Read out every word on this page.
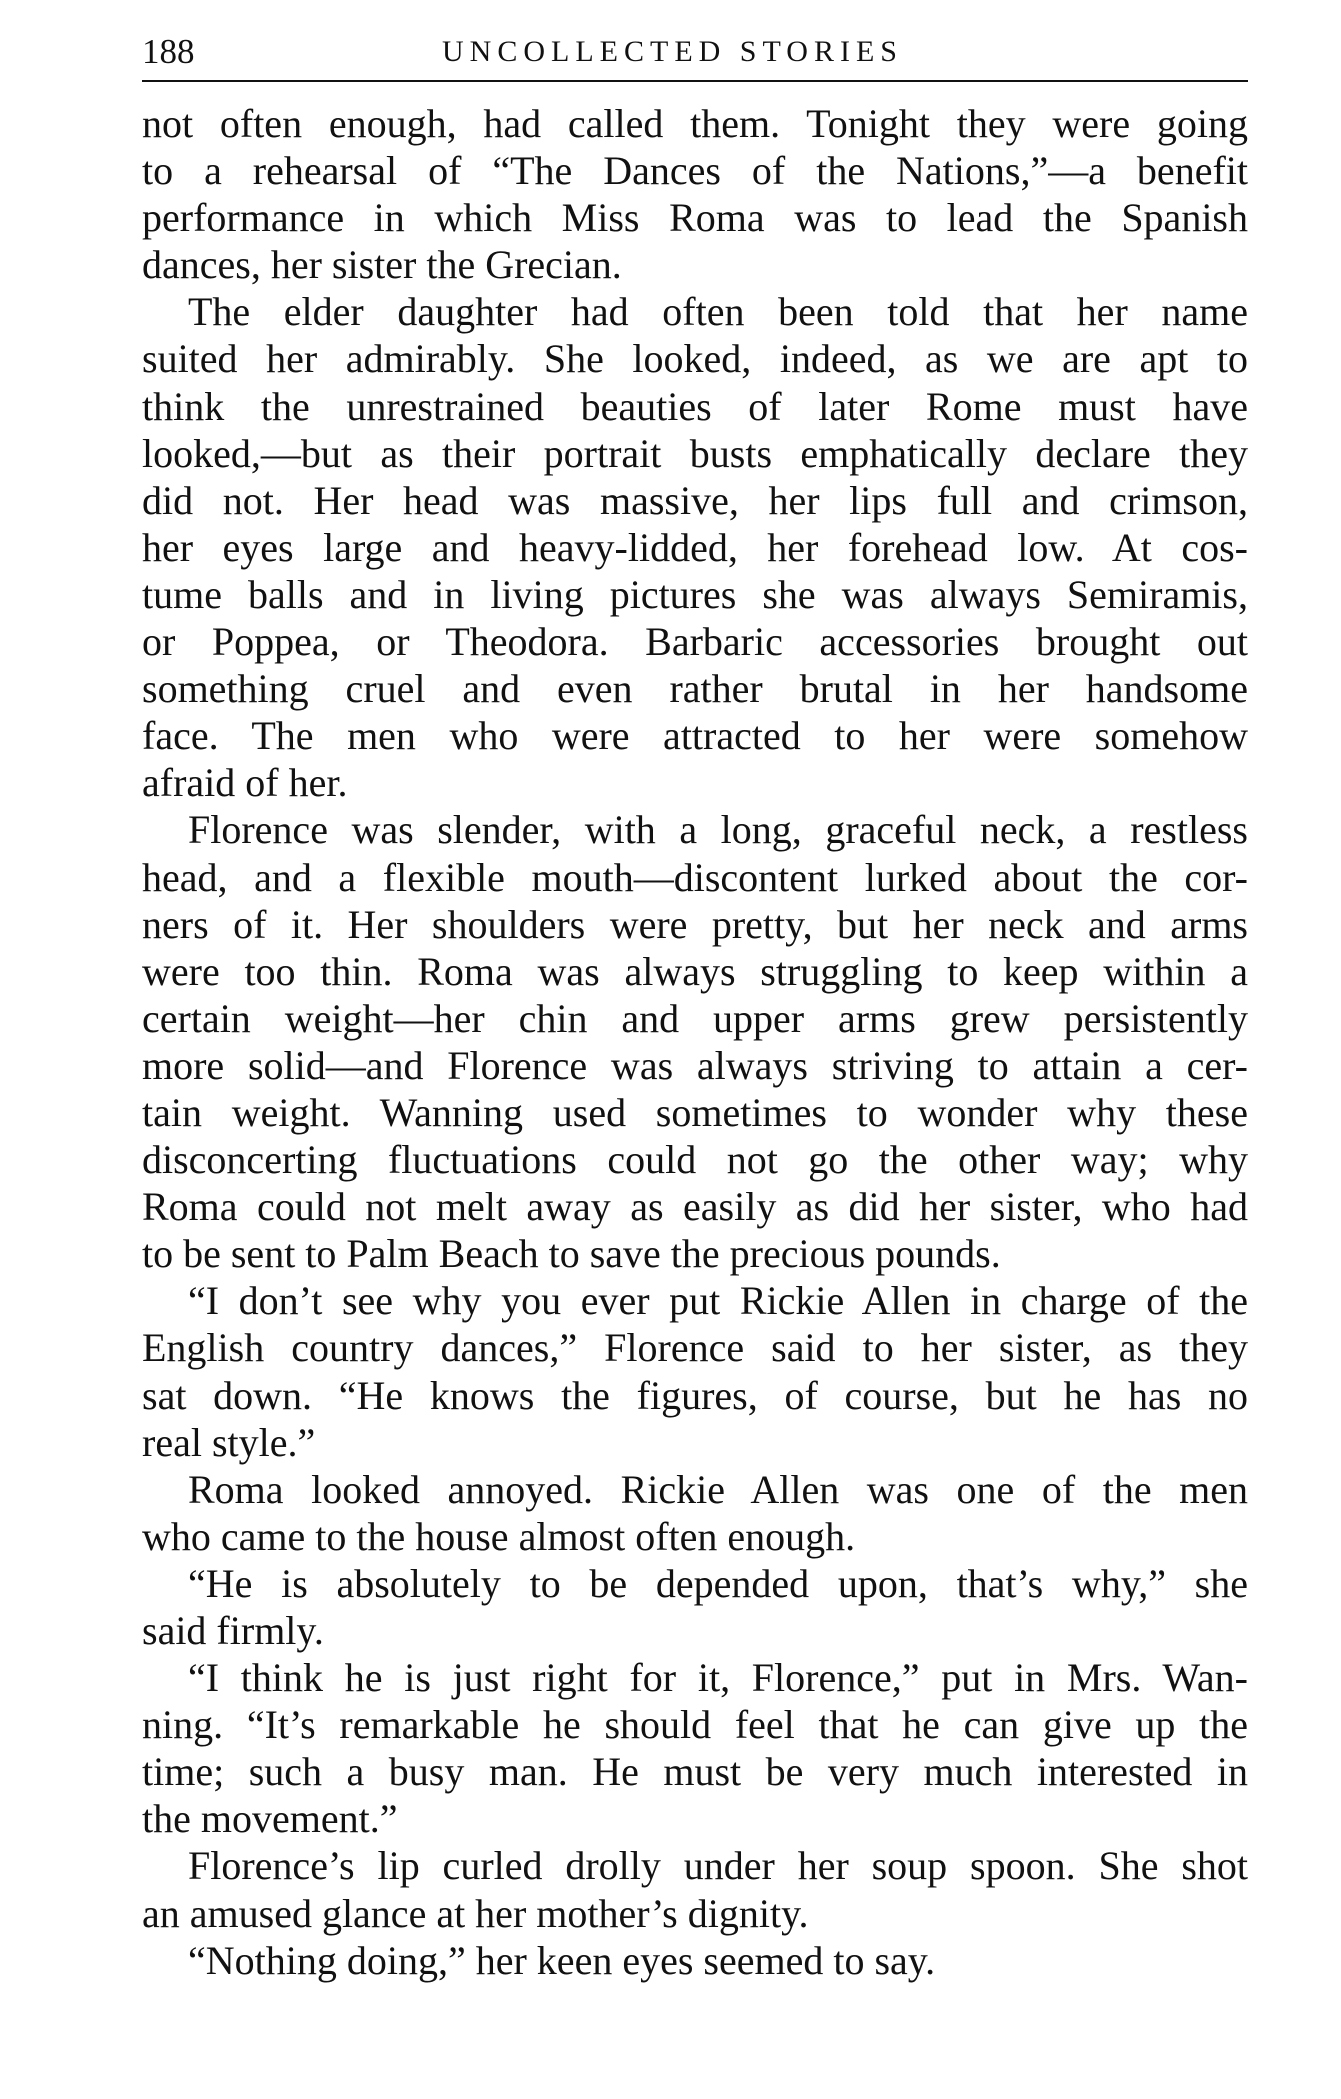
188	UNCOLLECTED STORIES
not often enough, had called them. Tonight they were going
to a rehearsal of “The Dances of the Nations,”—a benefit
performance in which Miss Roma was to lead the Spanish
dances, her sister the Grecian.
The elder daughter had often been told that her name
suited her admirably. She looked, indeed, as we are apt to
think the unrestrained beauties of later Rome must have
looked,—but as their portrait busts emphatically declare they
did not. Her head was massive, her lips full and crimson,
her eyes large and heavy-lidded, her forehead low. At cos-
tume balls and in living pictures she was always Semiramis,
or Poppea, or Theodora. Barbaric accessories brought out
something cruel and even rather brutal in her handsome
face. The men who were attracted to her were somehow
afraid of her.
Florence was slender, with a long, graceful neck, a restless
head, and a flexible mouth—discontent lurked about the cor-
ners of it. Her shoulders were pretty, but her neck and arms
were too thin. Roma was always struggling to keep within a
certain weight—her chin and upper arms grew persistently
more solid—and Florence was always striving to attain a cer-
tain weight. Wanning used sometimes to wonder why these
disconcerting fluctuations could not go the other way; why
Roma could not melt away as easily as did her sister, who had
to be sent to Palm Beach to save the precious pounds.
“I don’t see why you ever put Rickie Allen in charge of the
English country dances,” Florence said to her sister, as they
sat down. “He knows the figures, of course, but he has no
real style.”
Roma looked annoyed. Rickie Allen was one of the men
who came to the house almost often enough.
“He is absolutely to be depended upon, that’s why,” she
said firmly.
“I think he is just right for it, Florence,” put in Mrs. Wan-
ning. “It’s remarkable he should feel that he can give up the
time; such a busy man. He must be very much interested in
the movement.”
Florence’s lip curled drolly under her soup spoon. She shot
an amused glance at her mother’s dignity.
“Nothing doing,” her keen eyes seemed to say.
